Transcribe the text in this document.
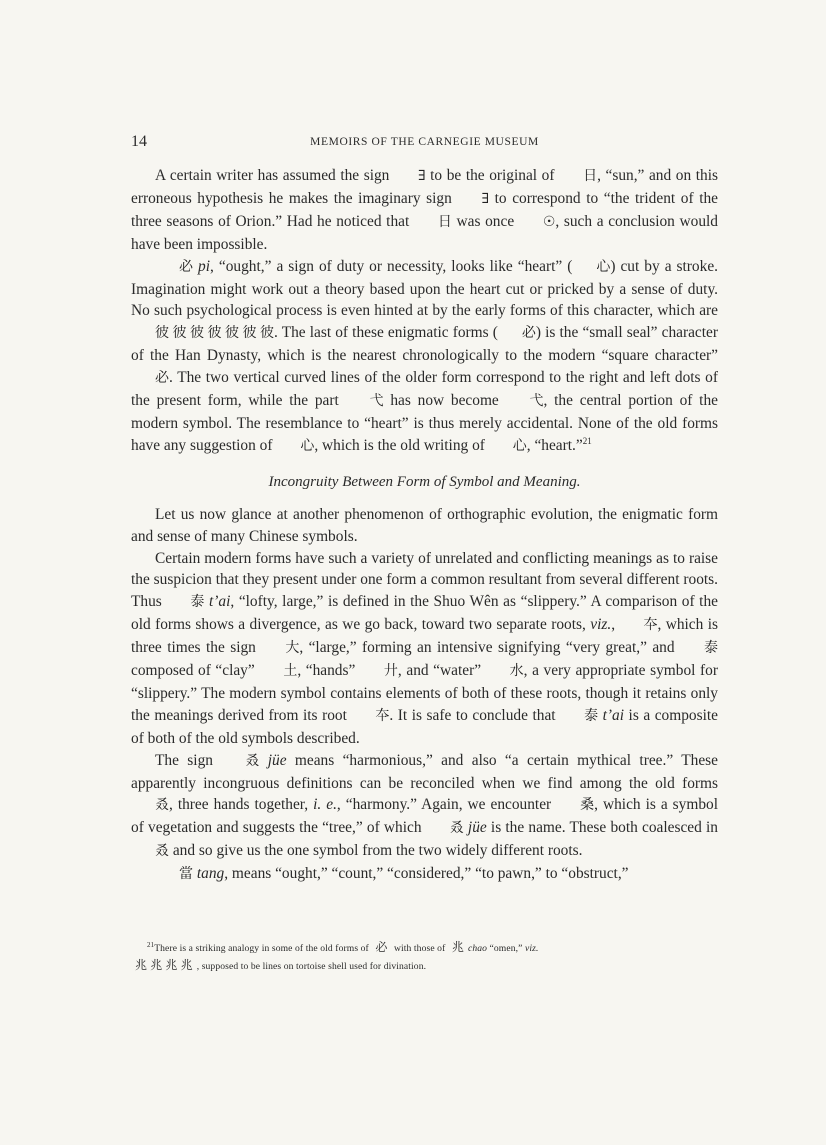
14	MEMOIRS OF THE CARNEGIE MUSEUM

A certain writer has assumed the sign ∃ to be the original of 日, “sun,” and on this erroneous hypothesis he makes the imaginary sign ∃ to correspond to “the trident of the three seasons of Orion.” Had he noticed that 日 was once ☉, such a conclusion would have been impossible.

必 pi, “ought,” a sign of duty or necessity, looks like “heart” ( 心) cut by a stroke. Imagination might work out a theory based upon the heart cut or pricked by a sense of duty. No such psychological process is even hinted at by the early forms of this character, which are 彼 彼 彼 彼 彼 彼 彼. The last of these enigmatic forms ( 必) is the “small seal” character of the Han Dynasty, which is the nearest chronologically to the modern “square character” 必. The two vertical curved lines of the older form correspond to the right and left dots of the present form, while the part 弋 has now become 弋, the central portion of the modern symbol. The resemblance to “heart” is thus merely accidental. None of the old forms have any suggestion of 心, which is the old writing of 心, “heart.”$^{21}$

Incongruity Between Form of Symbol and Meaning.

Let us now glance at another phenomenon of orthographic evolution, the enigmatic form and sense of many Chinese symbols.

Certain modern forms have such a variety of unrelated and conflicting meanings as to raise the suspicion that they present under one form a common resultant from several different roots. Thus 泰 t’ai, “lofty, large,” is defined in the Shuo Wên as “slippery.” A comparison of the old forms shows a divergence, as we go back, toward two separate roots, viz., 夲, which is three times the sign 大, “large,” forming an intensive signifying “very great,” and 泰 composed of “clay” 土, “hands” 廾, and “water” 水, a very appropriate symbol for “slippery.” The modern symbol contains elements of both of these roots, though it retains only the meanings derived from its root 夲. It is safe to conclude that 泰 t’ai is a composite of both of the old symbols described.

The sign 叒 jüe means “harmonious,” and also “a certain mythical tree.” These apparently incongruous definitions can be reconciled when we find among the old forms 叒, three hands together, i. e., “harmony.” Again, we encounter 桑, which is a symbol of vegetation and suggests the “tree,” of which 叒 jüe is the name. These both coalesced in 叒 and so give us the one symbol from the two widely different roots.

當 tang, means “ought,” “count,” “considered,” “to pawn,” to “obstruct,”

$^{21}$There is a striking analogy in some of the old forms of 必 with those of 兆 chao “omen,” viz.

兆 兆 兆 兆 , supposed to be lines on tortoise shell used for divination.
